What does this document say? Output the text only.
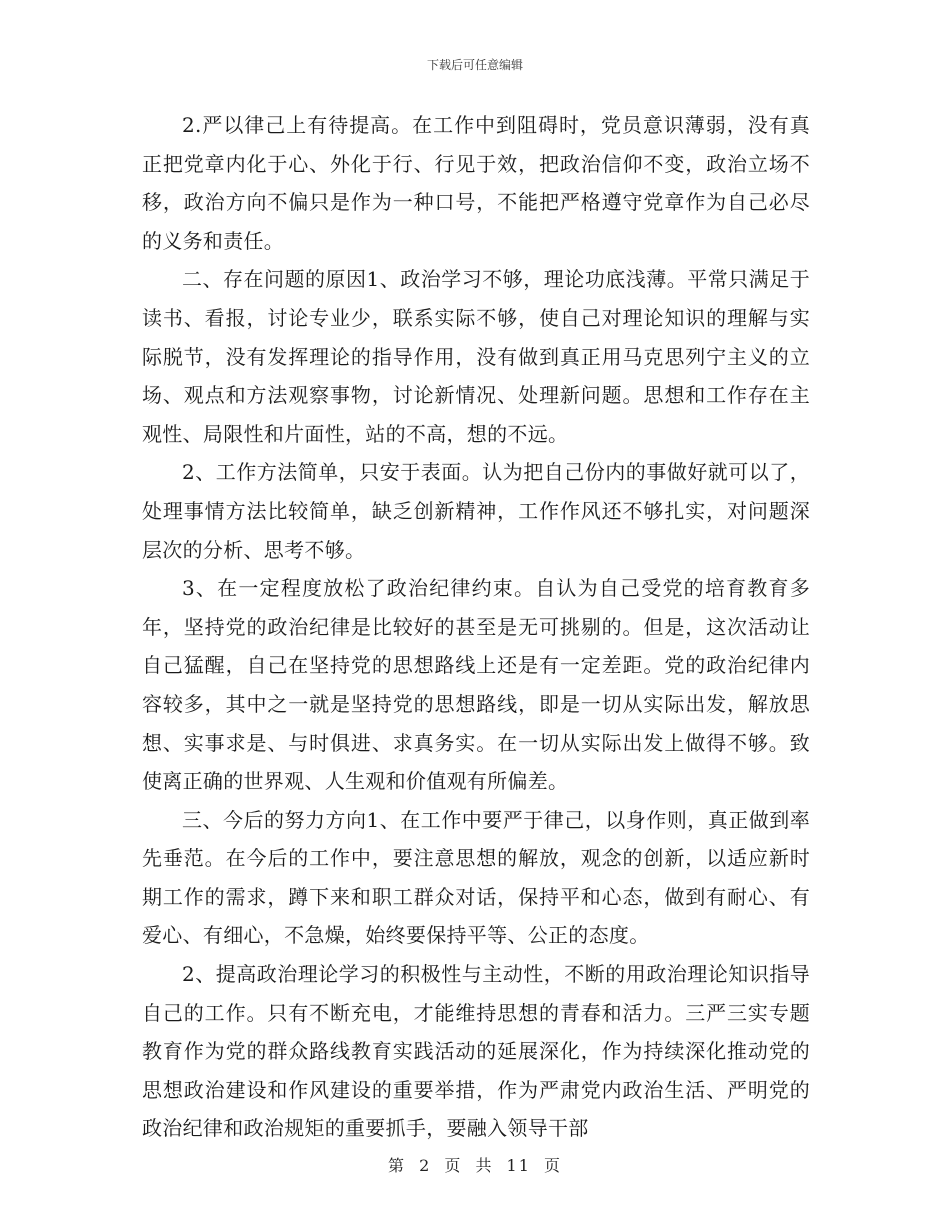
下载后可任意编辑

2.严以律己上有待提高。在工作中到阻碍时，党员意识薄弱，没有真正把党章内化于心、外化于行、行见于效，把政治信仰不变，政治立场不移，政治方向不偏只是作为一种口号，不能把严格遵守党章作为自己必尽的义务和责任。

二、存在问题的原因1、政治学习不够，理论功底浅薄。平常只满足于读书、看报，讨论专业少，联系实际不够，使自己对理论知识的理解与实际脱节，没有发挥理论的指导作用，没有做到真正用马克思列宁主义的立场、观点和方法观察事物，讨论新情况、处理新问题。思想和工作存在主观性、局限性和片面性，站的不高，想的不远。

2、工作方法简单，只安于表面。认为把自己份内的事做好就可以了，处理事情方法比较简单，缺乏创新精神，工作作风还不够扎实，对问题深层次的分析、思考不够。

3、在一定程度放松了政治纪律约束。自认为自己受党的培育教育多年，坚持党的政治纪律是比较好的甚至是无可挑剔的。但是，这次活动让自己猛醒，自己在坚持党的思想路线上还是有一定差距。党的政治纪律内容较多，其中之一就是坚持党的思想路线，即是一切从实际出发，解放思想、实事求是、与时俱进、求真务实。在一切从实际出发上做得不够。致使离正确的世界观、人生观和价值观有所偏差。

三、今后的努力方向1、在工作中要严于律己，以身作则，真正做到率先垂范。在今后的工作中，要注意思想的解放，观念的创新，以适应新时期工作的需求，蹲下来和职工群众对话，保持平和心态，做到有耐心、有爱心、有细心，不急燥，始终要保持平等、公正的态度。

2、提高政治理论学习的积极性与主动性，不断的用政治理论知识指导自己的工作。只有不断充电，才能维持思想的青春和活力。三严三实专题教育作为党的群众路线教育实践活动的延展深化，作为持续深化推动党的思想政治建设和作风建设的重要举措，作为严肃党内政治生活、严明党的政治纪律和政治规矩的重要抓手，要融入领导干部

第 2 页 共 11 页
